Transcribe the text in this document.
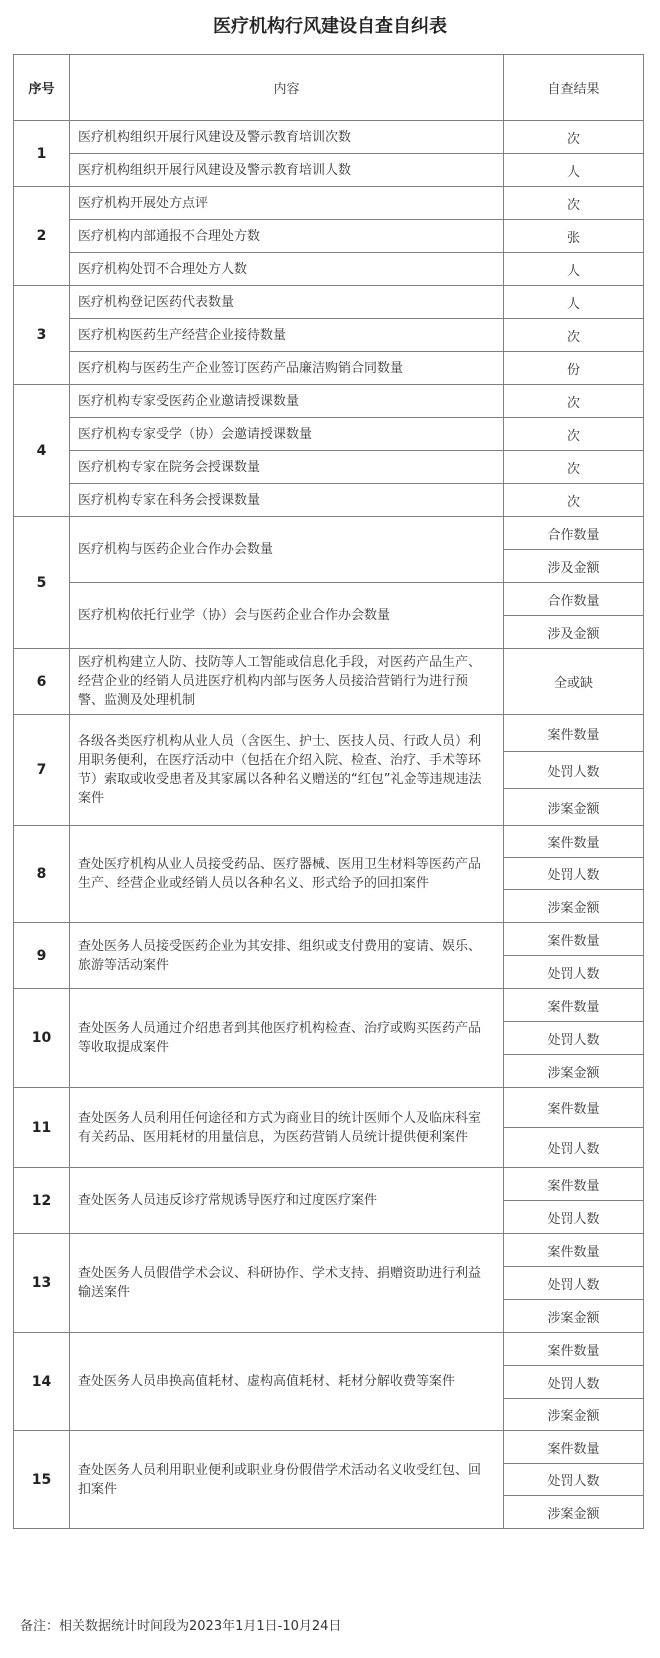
医疗机构行风建设自查自纠表
序号	内容	自查结果
1	医疗机构组织开展行风建设及警示教育培训次数	次
	医疗机构组织开展行风建设及警示教育培训人数	人
2	医疗机构开展处方点评	次
	医疗机构内部通报不合理处方数	张
	医疗机构处罚不合理处方人数	人
3	医疗机构登记医药代表数量	人
	医疗机构医药生产经营企业接待数量	次
	医疗机构与医药生产企业签订医药产品廉洁购销合同数量	份
4	医疗机构专家受医药企业邀请授课数量	次
	医疗机构专家受学（协）会邀请授课数量	次
	医疗机构专家在院务会授课数量	次
	医疗机构专家在科务会授课数量	次
5	医疗机构与医药企业合作办会数量	合作数量
		涉及金额
	医疗机构依托行业学（协）会与医药企业合作办会数量	合作数量
		涉及金额
6	医疗机构建立人防、技防等人工智能或信息化手段，对医药产品生产、经营企业的经销人员进医疗机构内部与医务人员接洽营销行为进行预警、监测及处理机制	全或缺
7	各级各类医疗机构从业人员（含医生、护士、医技人员、行政人员）利用职务便利，在医疗活动中（包括在介绍入院、检查、治疗、手术等环节）索取或收受患者及其家属以各种名义赠送的“红包”礼金等违规违法案件	案件数量
		处罚人数
		涉案金额
8	查处医疗机构从业人员接受药品、医疗器械、医用卫生材料等医药产品生产、经营企业或经销人员以各种名义、形式给予的回扣案件	案件数量
		处罚人数
		涉案金额
9	查处医务人员接受医药企业为其安排、组织或支付费用的宴请、娱乐、旅游等活动案件	案件数量
		处罚人数
10	查处医务人员通过介绍患者到其他医疗机构检查、治疗或购买医药产品等收取提成案件	案件数量
		处罚人数
		涉案金额
11	查处医务人员利用任何途径和方式为商业目的统计医师个人及临床科室有关药品、医用耗材的用量信息，为医药营销人员统计提供便利案件	案件数量
		处罚人数
12	查处医务人员违反诊疗常规诱导医疗和过度医疗案件	案件数量
		处罚人数
13	查处医务人员假借学术会议、科研协作、学术支持、捐赠资助进行利益输送案件	案件数量
		处罚人数
		涉案金额
14	查处医务人员串换高值耗材、虚构高值耗材、耗材分解收费等案件	案件数量
		处罚人数
		涉案金额
15	查处医务人员利用职业便利或职业身份假借学术活动名义收受红包、回扣案件	案件数量
		处罚人数
		涉案金额
备注：相关数据统计时间段为2023年1月1日-10月24日
